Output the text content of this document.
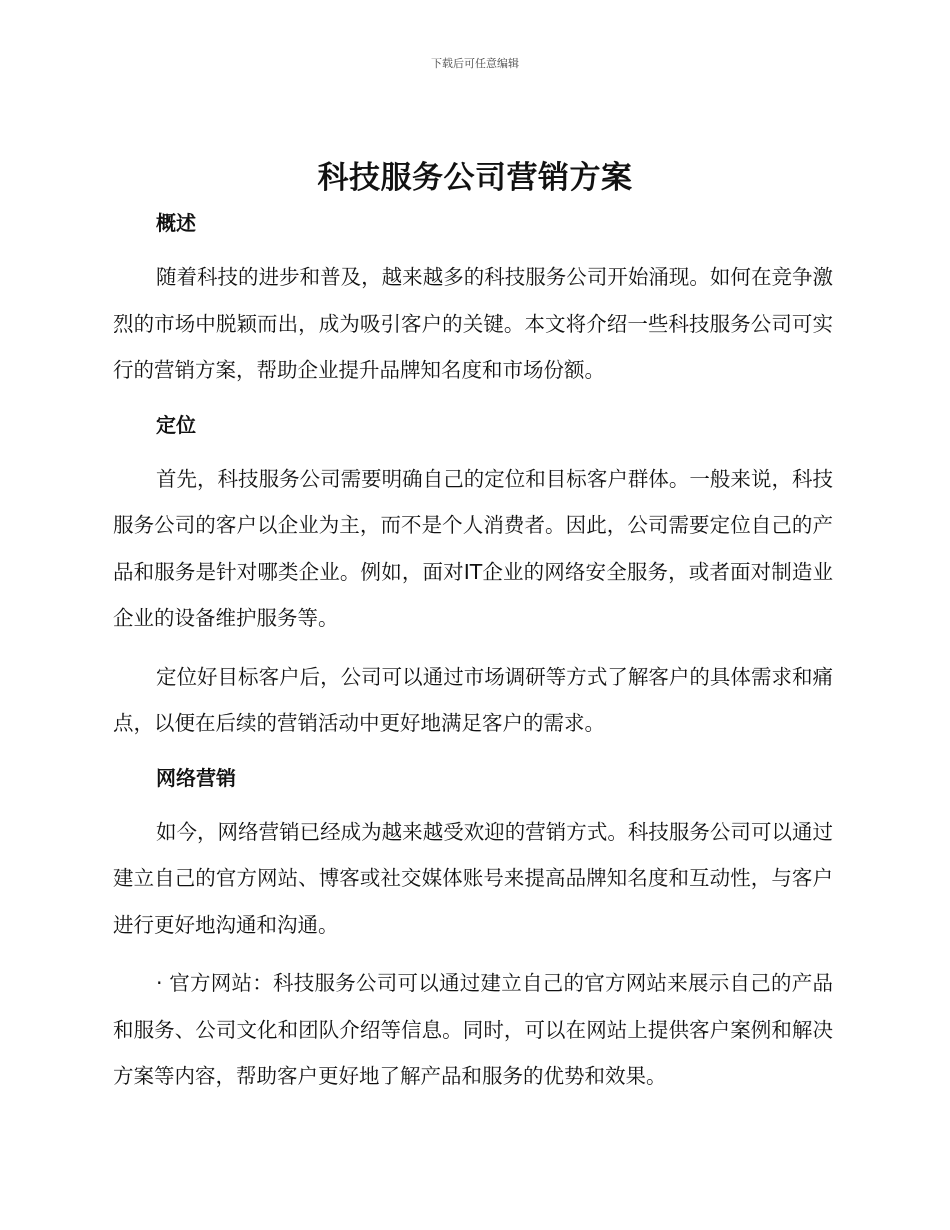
下载后可任意编辑
科技服务公司营销方案
概述

随着科技的进步和普及，越来越多的科技服务公司开始涌现。如何在竞争激烈的市场中脱颖而出，成为吸引客户的关键。本文将介绍一些科技服务公司可实行的营销方案，帮助企业提升品牌知名度和市场份额。

定位

首先，科技服务公司需要明确自己的定位和目标客户群体。一般来说，科技服务公司的客户以企业为主，而不是个人消费者。因此，公司需要定位自己的产品和服务是针对哪类企业。例如，面对IT企业的网络安全服务，或者面对制造业企业的设备维护服务等。

定位好目标客户后，公司可以通过市场调研等方式了解客户的具体需求和痛点，以便在后续的营销活动中更好地满足客户的需求。

网络营销

如今，网络营销已经成为越来越受欢迎的营销方式。科技服务公司可以通过建立自己的官方网站、博客或社交媒体账号来提高品牌知名度和互动性，与客户进行更好地沟通和沟通。

· 官方网站：科技服务公司可以通过建立自己的官方网站来展示自己的产品和服务、公司文化和团队介绍等信息。同时，可以在网站上提供客户案例和解决方案等内容，帮助客户更好地了解产品和服务的优势和效果。
